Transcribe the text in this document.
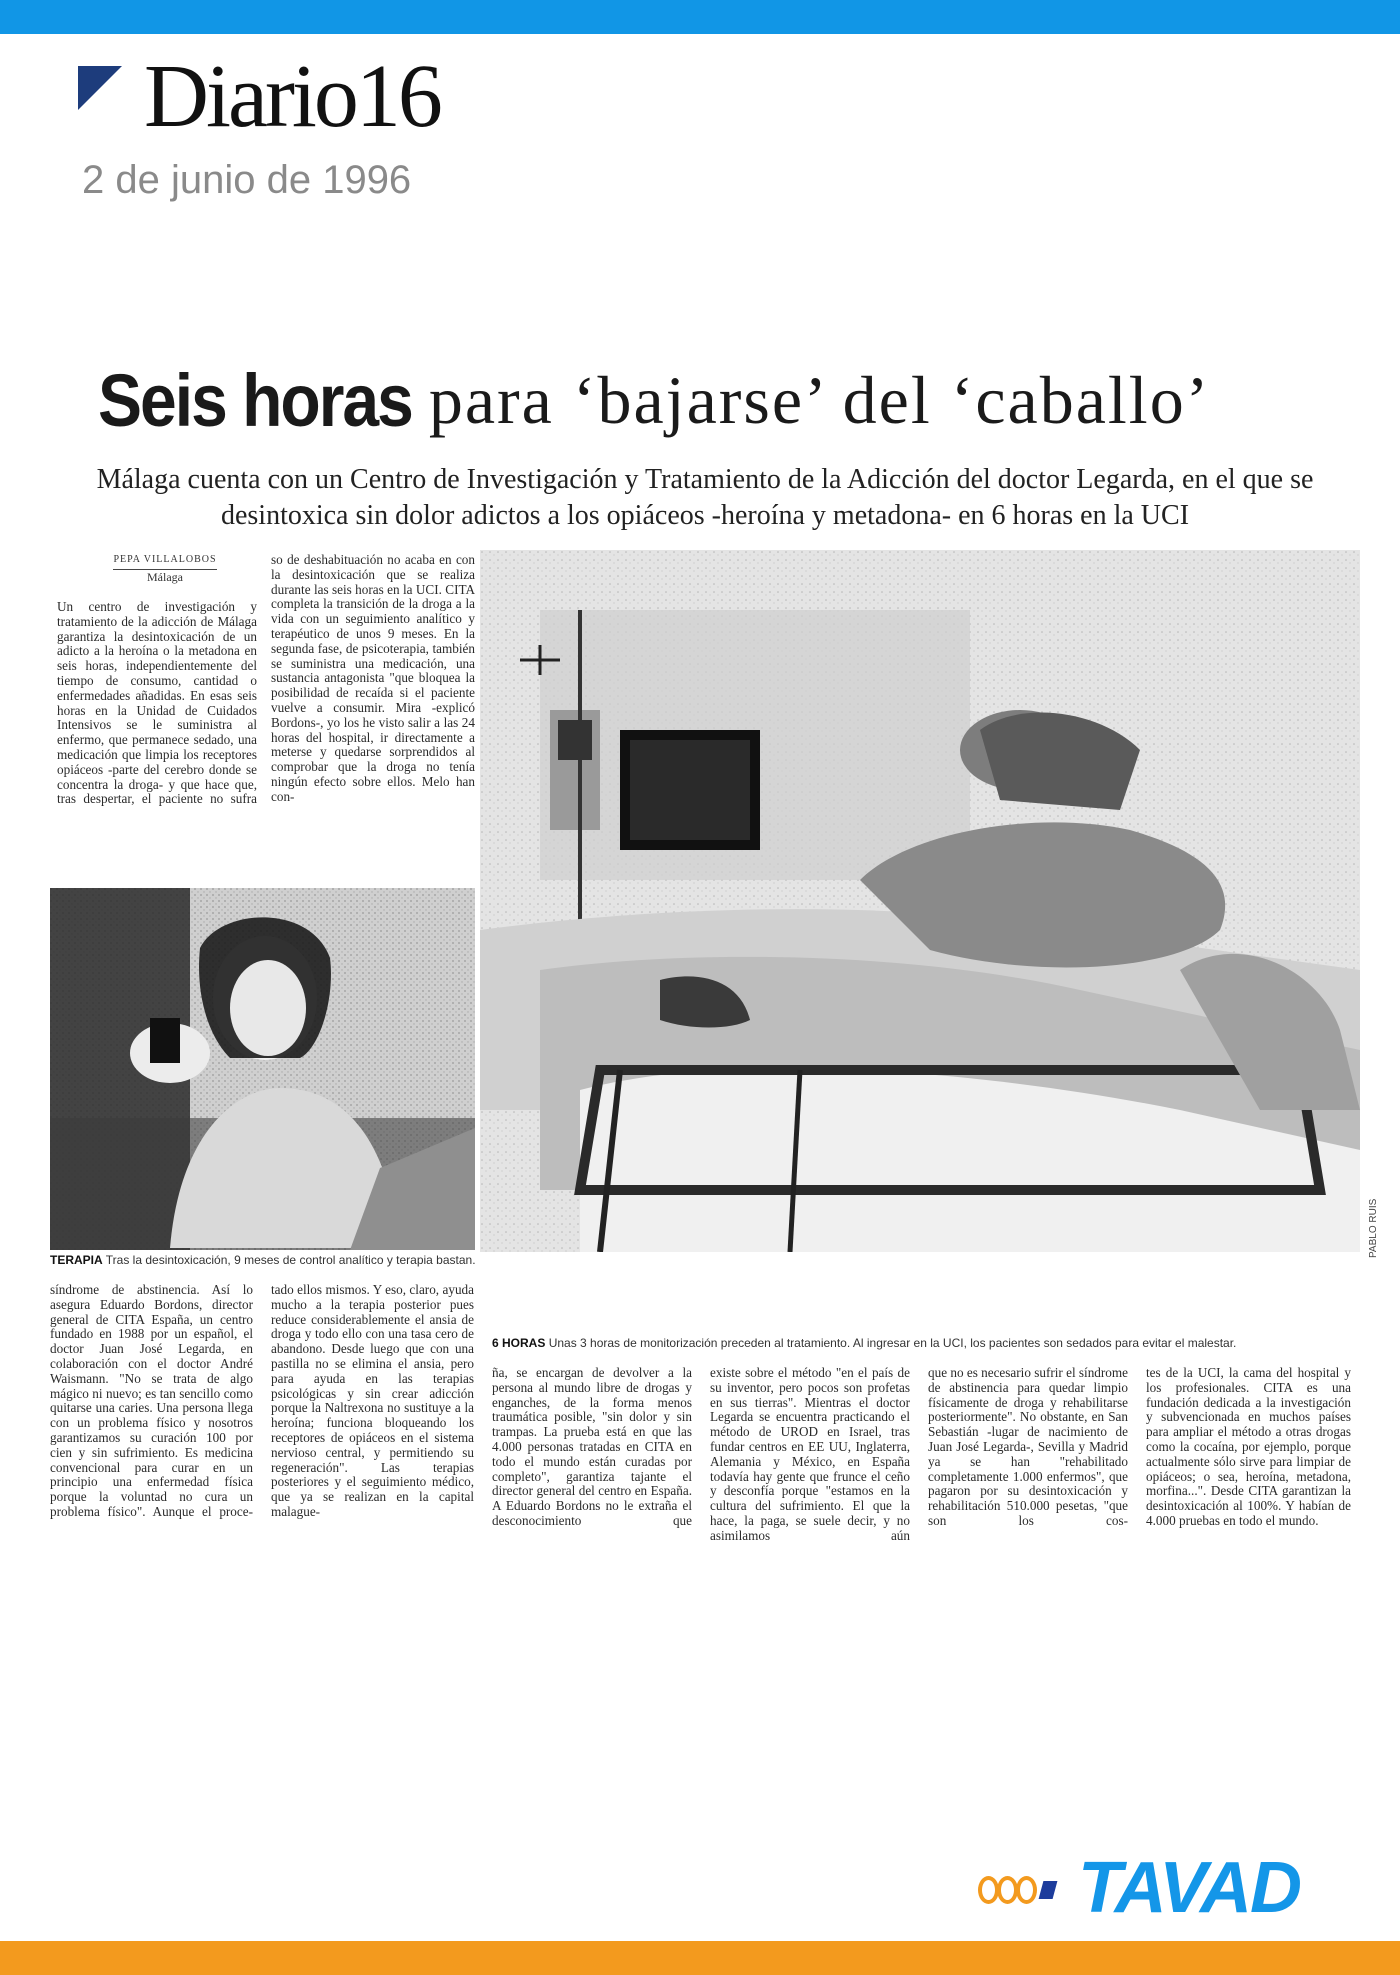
Diario16
2 de junio de 1996
Seis horas para ‘bajarse’ del ‘caballo’
Málaga cuenta con un Centro de Investigación y Tratamiento de la Adicción del doctor Legarda, en el que se desintoxica sin dolor adictos a los opiáceos -heroína y metadona- en 6 horas en la UCI
PEPA VILLALOBOS
Málaga
Un centro de investigación y tratamiento de la adicción de Málaga garantiza la desintoxicación de un adicto a la heroína o la metadona en seis horas, independientemente del tiempo de consumo, cantidad o enfermedades añadidas. En esas seis horas en la Unidad de Cuidados Intensivos se le suministra al enfermo, que permanece sedado, una medicación que limpia los receptores opiáceos -parte del cerebro donde se concentra la droga- y que hace que, tras despertar, el paciente no sufra
so de deshabituación no acaba en con la desintoxicación que se realiza durante las seis horas en la UCI. CITA completa la transición de la droga a la vida con un seguimiento analítico y terapéutico de unos 9 meses. En la segunda fase, de psicoterapia, también se suministra una medicación, una sustancia antagonista "que bloquea la posibilidad de recaída si el paciente vuelve a consumir. Mira -explicó Bordons-, yo los he visto salir a las 24 horas del hospital, ir directamente a meterse y quedarse sorprendidos al comprobar que la droga no tenía ningún efecto sobre ellos. Melo han con-
TERAPIA Tras la desintoxicación, 9 meses de control analítico y terapia bastan.
6 HORAS Unas 3 horas de monitorización preceden al tratamiento. Al ingresar en la UCI, los pacientes son sedados para evitar el malestar.
PABLO RUIS
síndrome de abstinencia. Así lo asegura Eduardo Bordons, director general de CITA España, un centro fundado en 1988 por un español, el doctor Juan José Legarda, en colaboración con el doctor André Waismann. "No se trata de algo mágico ni nuevo; es tan sencillo como quitarse una caries. Una persona llega con un problema físico y nosotros garantizamos su curación 100 por cien y sin sufrimiento. Es medicina convencional para curar en un principio una enfermedad física porque la voluntad no cura un problema físico". Aunque el proce-
tado ellos mismos. Y eso, claro, ayuda mucho a la terapia posterior pues reduce considerablemente el ansia de droga y todo ello con una tasa cero de abandono. Desde luego que con una pastilla no se elimina el ansia, pero para ayuda en las terapias psicológicas y sin crear adicción porque la Naltrexona no sustituye a la heroína; funciona bloqueando los receptores de opiáceos en el sistema nervioso central, y permitiendo su regeneración". Las terapias posteriores y el seguimiento médico, que ya se realizan en la capital malague-
ña, se encargan de devolver a la persona al mundo libre de drogas y enganches, de la forma menos traumática posible, "sin dolor y sin trampas. La prueba está en que las 4.000 personas tratadas en CITA en todo el mundo están curadas por completo", garantiza tajante el director general del centro en España. A Eduardo Bordons no le extraña el desconocimiento que
existe sobre el método "en el país de su inventor, pero pocos son profetas en sus tierras". Mientras el doctor Legarda se encuentra practicando el método de UROD en Israel, tras fundar centros en EE UU, Inglaterra, Alemania y México, en España todavía hay gente que frunce el ceño y desconfía porque "estamos en la cultura del sufrimiento. El que la hace, la paga, se suele decir, y no asimilamos aún
que no es necesario sufrir el síndrome de abstinencia para quedar limpio físicamente de droga y rehabilitarse posteriormente". No obstante, en San Sebastián -lugar de nacimiento de Juan José Legarda-, Sevilla y Madrid ya se han "rehabilitado completamente 1.000 enfermos", que pagaron por su desintoxicación y rehabilitación 510.000 pesetas, "que son los cos-
tes de la UCI, la cama del hospital y los profesionales. CITA es una fundación dedicada a la investigación y subvencionada en muchos países para ampliar el método a otras drogas como la cocaína, por ejemplo, porque actualmente sólo sirve para limpiar de opiáceos; o sea, heroína, metadona, morfina...". Desde CITA garantizan la desintoxicación al 100%. Y habían de 4.000 pruebas en todo el mundo.
TAVAD
